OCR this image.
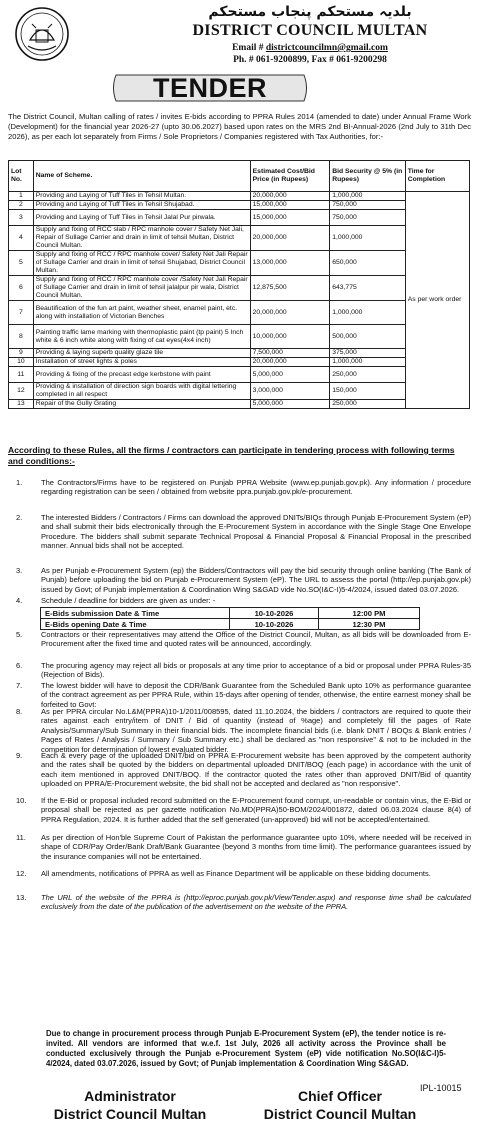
بلدیہ مستحکم پنجاب مستحکم
DISTRICT COUNCIL MULTAN
Email # districtcouncilmn@gmail.com
Ph. # 061-9200899, Fax # 061-9200298
TENDER
The District Council, Multan calling of rates / invites E-bids according to PPRA Rules 2014 (amended to date) under Annual Frame Work (Development) for the financial year 2026-27 (upto 30.06.2027) based upon rates on the MRS 2nd BI-Annual-2026 (2nd July to 31th Dec 2026), as per each lot separately from Firms / Sole Proprietors / Companies registered with Tax Authorities, for:-
Lot No.	Name of Scheme.	Estimated Cost/Bid Price (in Rupees)	Bid Security @ 5% (in Rupees)	Time for Completion
1	Providing and Laying of Tuff Tiles in Tehsil Multan.	20,000,000	1,000,000	As per work order
2	Providing and Laying of Tuff Tiles in Tehsil Shujabad.	15,000,000	750,000	
3	Providing and Laying of Tuff Tiles in Tehsil Jalal Pur pirwala.	15,000,000	750,000	
4	Supply and fixing of RCC slab / RPC manhole cover / Safety Net Jali, Repair of Sullage Carrier and drain in limit of tehsil Multan, District Council Multan.	20,000,000	1,000,000	
5	Supply and fixing of RCC / RPC manhole cover/ Safety Net Jali Repair of Sullage Carrier and drain in limit of tehsil Shujabad, District Council Multan.	13,000,000	650,000	
6	Supply and fixing of RCC / RPC manhole cover /Safety Net Jali Repair of Sullage Carrier and drain in limit of tehsil jalalpur pir wala, District Council Multan.	12,875,500	643,775	
7	Beautification of the fun art paint, weather sheet, enamel paint, etc. along with installation of Victorian Benches	20,000,000	1,000,000	
8	Painting traffic lame marking with thermoplastic paint (tp paint) 5 Inch white & 6 inch white along with fixing of cat eyes(4x4 inch)	10,000,000	500,000	
9	Providing & laying superb quality glaze tile	7,500,000	375,000	
10	Installation of street lights & poles	20,000,000	1,000,000	
11	Providing & fixing of the precast edge kerbstone with paint	5,000,000	250,000	
12	Providing & installation of direction sign boards with digital lettering completed in all respect	3,000,000	150,000	
13	Repair of the Gully Grating	5,000,000	250,000	
According to these Rules, all the firms / contractors can participate in tendering process with following terms and conditions:-
1. The Contractors/Firms have to be registered on Punjab PPRA Website (www.ep.punjab.gov.pk). Any information / procedure regarding registration can be seen / obtained from website ppra.punjab.gov.pk/e-procurement.
2. The interested Bidders / Contractors / Firms can download the approved DNITs/BIQs through Punjab E-Procurement System (eP) and shall submit their bids electronically through the E-Procurement System in accordance with the Single Stage One Envelope Procedure. The bidders shall submit separate Technical Proposal & Financial Proposal & Financial Proposal in the prescribed manner. Annual bids shall not be accepted.
3. As per Punjab e-Procurement System (ep) the Bidders/Contractors will pay the bid security through online banking (The Bank of Punjab) before uploading the bid on Punjab e-Procurement System (eP). The URL to assess the portal (http://ep.punjab.gov.pk) issued by Govt; of Punjab implementation & Coordination Wing S&GAD vide No.SO(I&C-I)5-4/2024, issued dated 03.07.2026.
4. Schedule / deadline for bidders are given as under: -
5. Contractors or their representatives may attend the Office of the District Council, Multan, as all bids will be downloaded from E-Procurement after the fixed time and quoted rates will be announced, accordingly.
6. The procuring agency may reject all bids or proposals at any time prior to acceptance of a bid or proposal under PPRA Rules-35 (Rejection of Bids).
7. The lowest bidder will have to deposit the CDR/Bank Guarantee from the Scheduled Bank upto 10% as performance guarantee of the contract agreement as per PPRA Rule, within 15-days after opening of tender, otherwise, the entire earnest money shall be forfeited to Govt:
8. As per PPRA circular No.L&M(PPRA)10-1/2011/008595, dated 11.10.2024, the bidders / contractors are required to quote their rates against each entry/item of DNIT / Bid of quantity (instead of %age) and completely fill the pages of Rate Analysis/Summary/Sub Summary in their financial bids. The incomplete financial bids (i.e. blank DNIT / BOQs & Blank entries / Pages of Rates / Analysis / Summary / Sub Summary etc.) shall be declared as "non responsive" & not to be included in the competition for determination of lowest evaluated bidder.
9. Each & every page of the uploaded DNIT/bid on PPRA E-Procurement website has been approved by the competent authority and the rates shall be quoted by the bidders on departmental uploaded DNIT/BOQ (each page) in accordance with the unit of each item mentioned in approved DNIT/BOQ. If the contractor quoted the rates other than approved DNIT/Bid of quantity uploaded on PPRA/E-Procurement website, the bid shall not be accepted and declared as "non responsive".
10. If the E-Bid or proposal included record submitted on the E-Procurement found corrupt, un-readable or contain virus, the E-Bid or proposal shall be rejected as per gazette notification No.MD(PPRA)50-BOM/2024/001872, dated 06.03.2024 clause 8(4) of PPRA Regulation, 2024. It is further added that the self generated (un-approved) bid will not be accepted/entertained.
11. As per direction of Hon'ble Supreme Court of Pakistan the performance guarantee upto 10%, where needed will be received in shape of CDR/Pay Order/Bank Draft/Bank Guarantee (beyond 3 months from time limit). The performance guarantees issued by the insurance companies will not be entertained.
12. All amendments, notifications of PPRA as well as Finance Department will be applicable on these bidding documents.
13. The URL of the website of the PPRA is (http://eproc.punjab.gov.pk/View/Tender.aspx) and response time shall be calculated exclusively from the date of the publication of the advertisement on the website of the PPRA.
E-Bids submission Date & Time	10-10-2026	12:00 PM
E-Bids opening Date & Time	10-10-2026	12:30 PM
Due to change in procurement process through Punjab E-Procurement System (eP), the tender notice is re-invited. All vendors are informed that w.e.f. 1st July, 2026 all activity across the Province shall be conducted exclusively through the Punjab e-Procurement System (eP) vide notification No.SO(I&C-I)5-4/2024, dated 03.07.2026, issued by Govt; of Punjab implementation & Coordination Wing S&GAD.
Administrator
District Council Multan
Chief Officer
District Council Multan
IPL-10015
